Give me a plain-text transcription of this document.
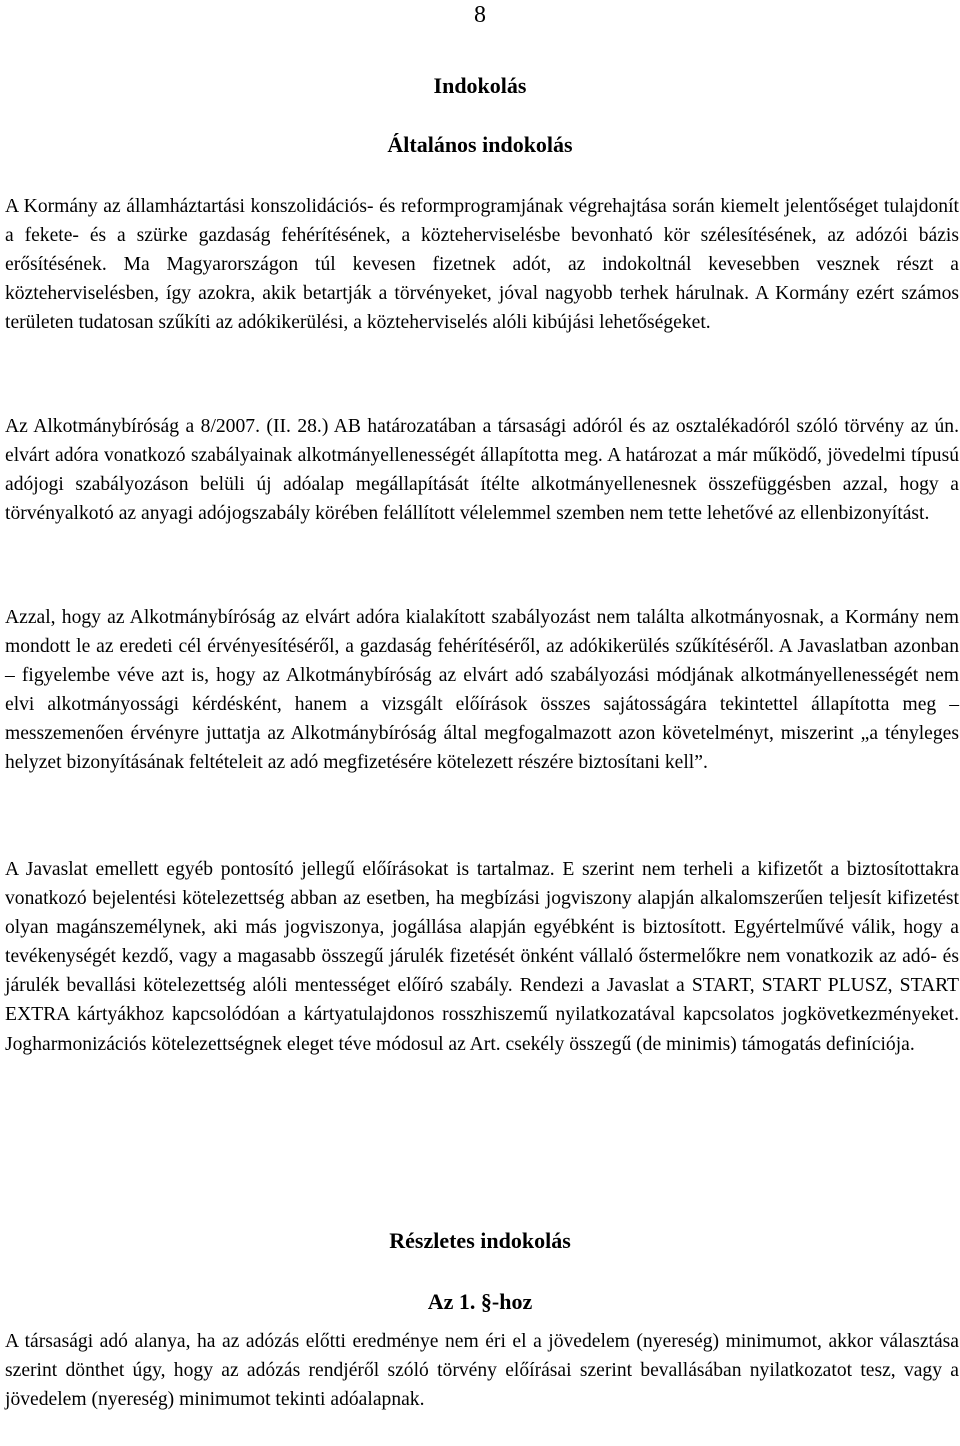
8
Indokolás
Általános indokolás

A Kormány az államháztartási konszolidációs- és reformprogramjának végrehajtása során kiemelt jelentőséget tulajdonít a fekete- és a szürke gazdaság fehérítésének, a közteherviselésbe bevonható kör szélesítésének, az adózói bázis erősítésének. Ma Magyarországon túl kevesen fizetnek adót, az indokoltnál kevesebben vesznek részt a közteherviselésben, így azokra, akik betartják a törvényeket, jóval nagyobb terhek hárulnak. A Kormány ezért számos területen tudatosan szűkíti az adókikerülési, a közteherviselés alóli kibújási lehetőségeket.

Az Alkotmánybíróság a 8/2007. (II. 28.) AB határozatában a társasági adóról és az osztalékadóról szóló törvény az ún. elvárt adóra vonatkozó szabályainak alkotmányellenességét állapította meg. A határozat a már működő, jövedelmi típusú adójogi szabályozáson belüli új adóalap megállapítását ítélte alkotmányellenesnek összefüggésben azzal, hogy a törvényalkotó az anyagi adójogszabály körében felállított vélelemmel szemben nem tette lehetővé az ellenbizonyítást.

Azzal, hogy az Alkotmánybíróság az elvárt adóra kialakított szabályozást nem találta alkotmányosnak, a Kormány nem mondott le az eredeti cél érvényesítéséről, a gazdaság fehérítéséről, az adókikerülés szűkítéséről. A Javaslatban azonban – figyelembe véve azt is, hogy az Alkotmánybíróság az elvárt adó szabályozási módjának alkotmányellenességét nem elvi alkotmányossági kérdésként, hanem a vizsgált előírások összes sajátosságára tekintettel állapította meg – messzemenően érvényre juttatja az Alkotmánybíróság által megfogalmazott azon követelményt, miszerint „a tényleges helyzet bizonyításának feltételeit az adó megfizetésére kötelezett részére biztosítani kell”.

A Javaslat emellett egyéb pontosító jellegű előírásokat is tartalmaz. E szerint nem terheli a kifizetőt a biztosítottakra vonatkozó bejelentési kötelezettség abban az esetben, ha megbízási jogviszony alapján alkalomszerűen teljesít kifizetést olyan magánszemélynek, aki más jogviszonya, jogállása alapján egyébként is biztosított. Egyértelművé válik, hogy a tevékenységét kezdő, vagy a magasabb összegű járulék fizetését önként vállaló őstermelőkre nem vonatkozik az adó- és járulék bevallási kötelezettség alóli mentességet előíró szabály. Rendezi a Javaslat a START, START PLUSZ, START EXTRA kártyákhoz kapcsolódóan a kártyatulajdonos rosszhiszemű nyilatkozatával kapcsolatos jogkövetkezményeket. Jogharmonizációs kötelezettségnek eleget téve módosul az Art. csekély összegű (de minimis) támogatás definíciója.

Részletes indokolás
Az 1. §-hoz

A társasági adó alanya, ha az adózás előtti eredménye nem éri el a jövedelem (nyereség) minimumot, akkor választása szerint dönthet úgy, hogy az adózás rendjéről szóló törvény előírásai szerint bevallásában nyilatkozatot tesz, vagy a jövedelem (nyereség) minimumot tekinti adóalapnak.
